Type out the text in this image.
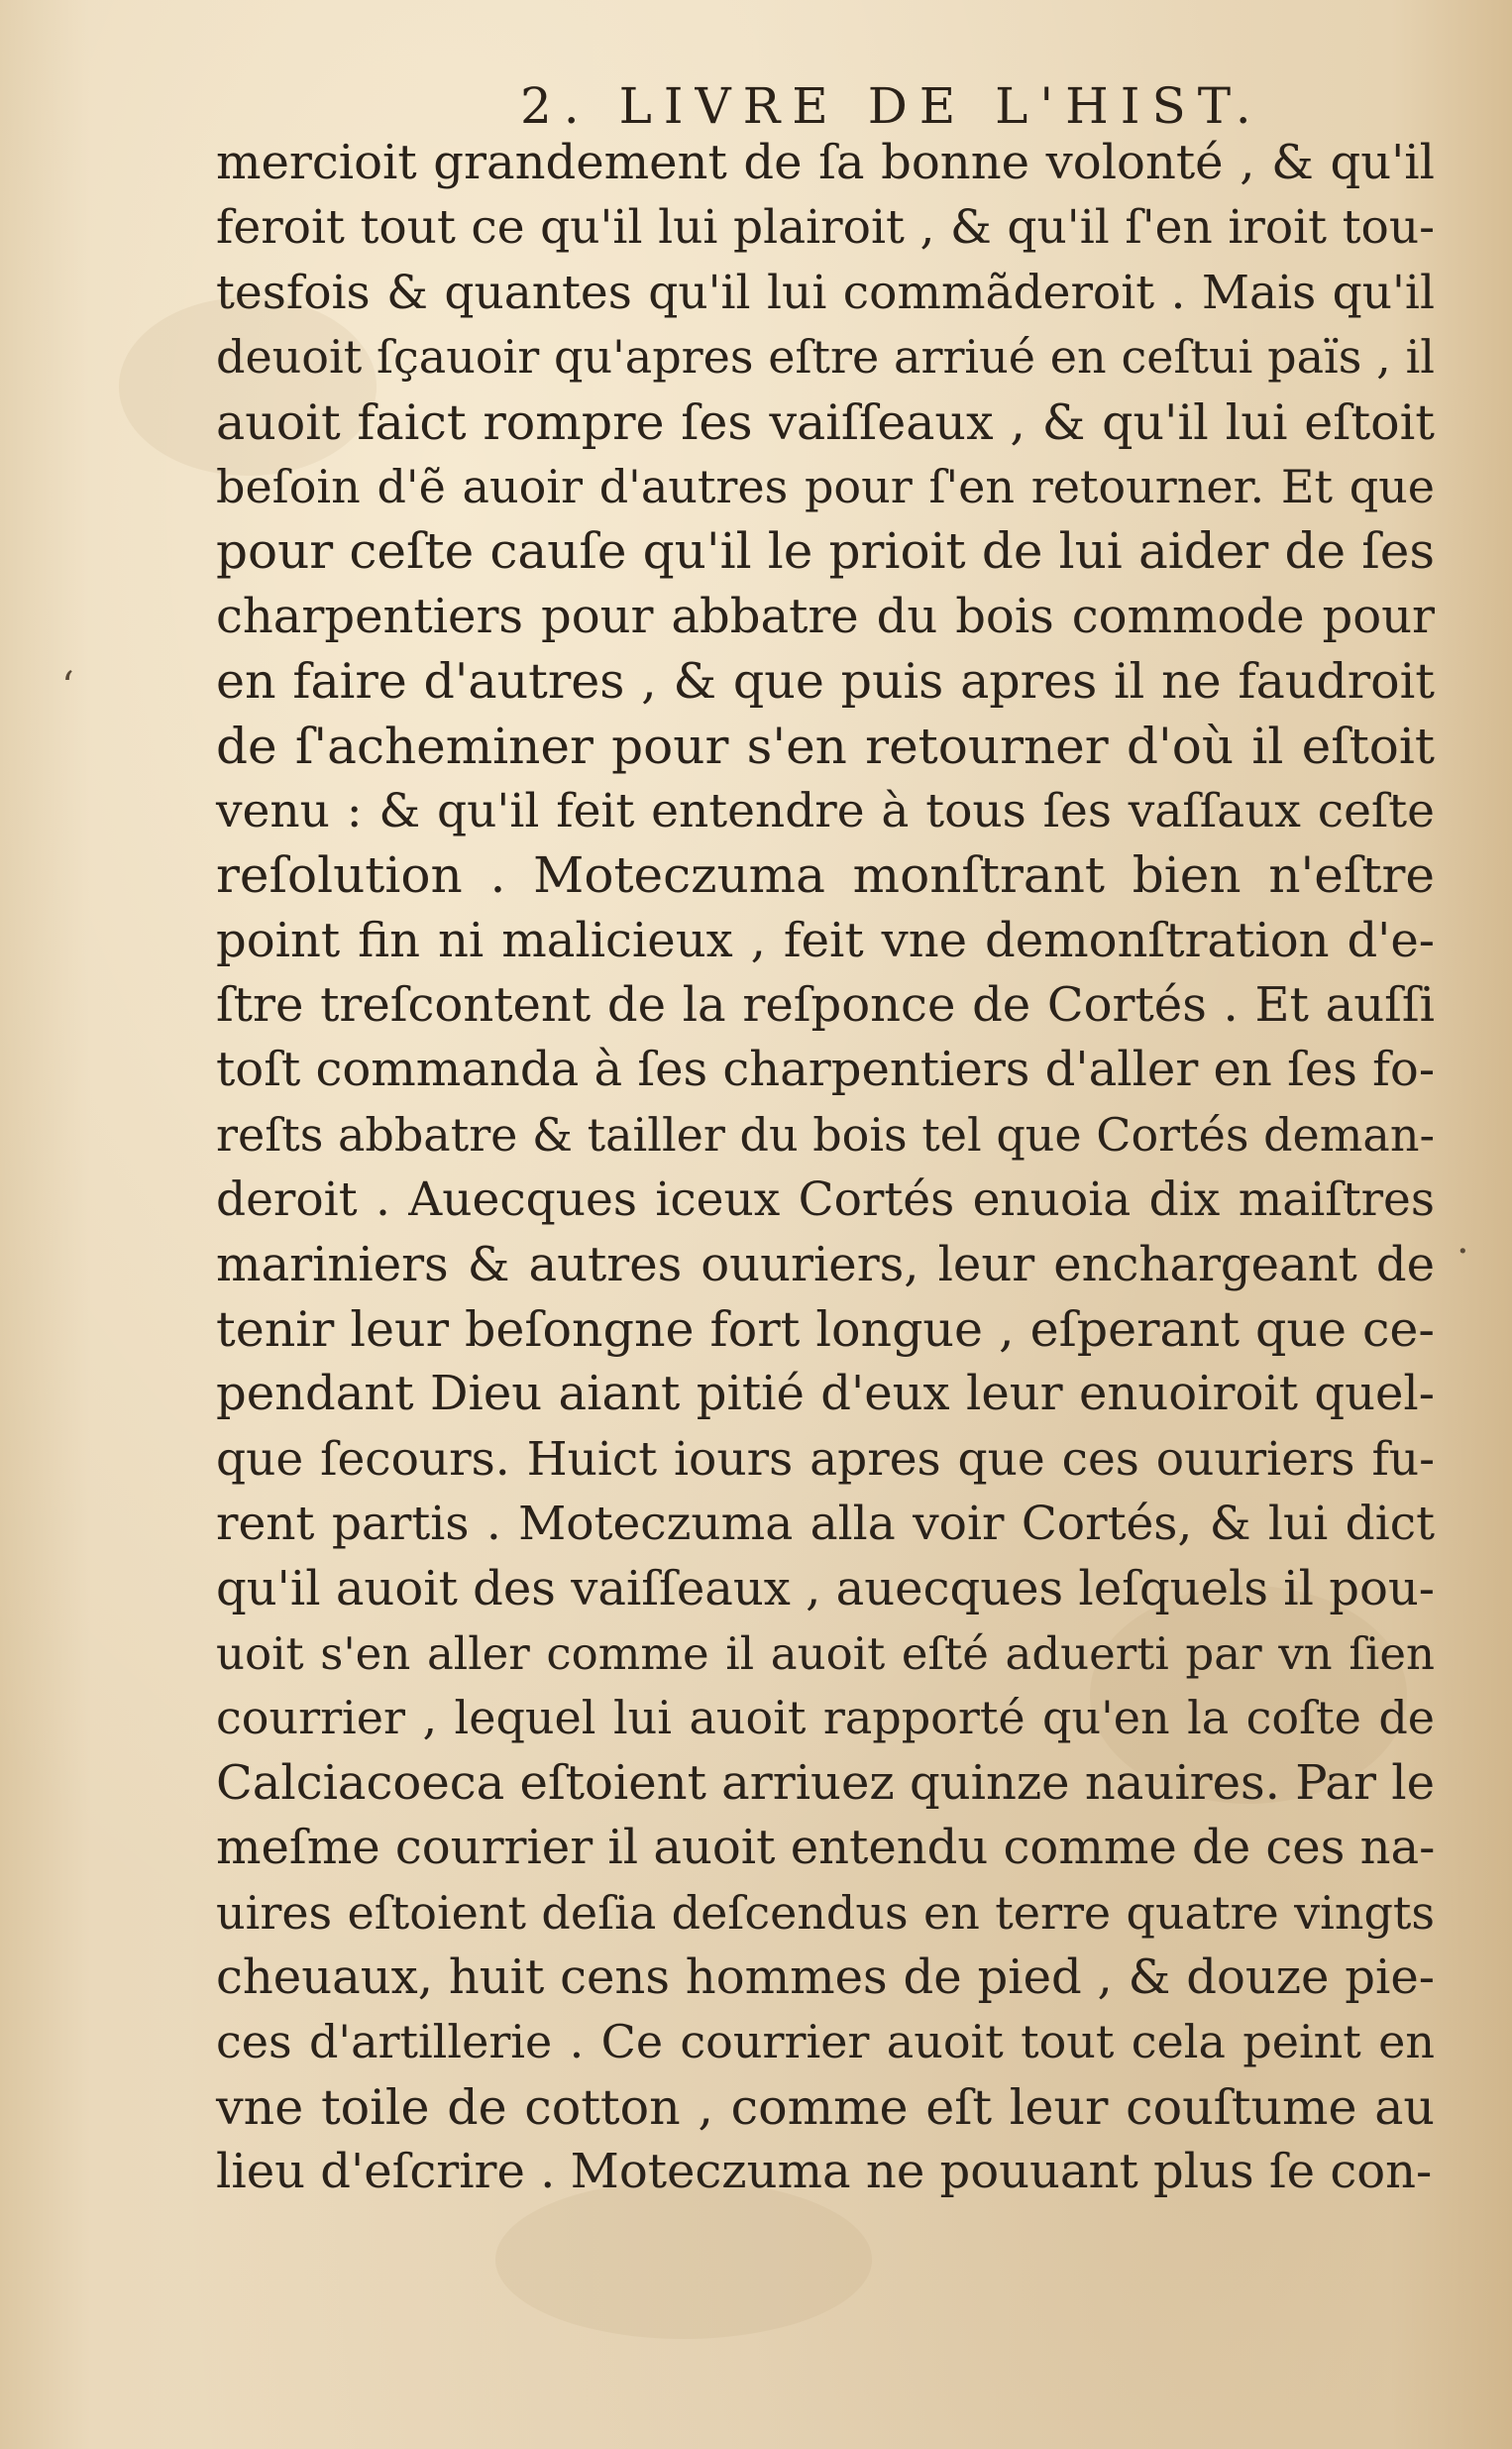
2. LIVRE DE L'HIST.
ʻ
·
mercioit grandement de ſa bonne volonté , & qu'il
feroit tout ce qu'il lui plairoit , & qu'il ſ'en iroit tou-
tesfois & quantes qu'il lui commãderoit . Mais qu'il
deuoit ſçauoir qu'apres eſtre arriué en ceſtui païs , il
auoit faict rompre ſes vaiſſeaux , & qu'il lui eſtoit
beſoin d'ẽ auoir d'autres pour ſ'en retourner. Et que
pour ceſte cauſe qu'il le prioit de lui aider de ſes
charpentiers pour abbatre du bois commode pour
en faire d'autres , & que puis apres il ne faudroit
de ſ'acheminer pour s'en retourner d'où il eſtoit
venu : & qu'il feit entendre à tous ſes vaſſaux ceſte
reſolution . Moteczuma monſtrant bien n'eſtre
point fin ni malicieux , feit vne demonſtration d'e-
ſtre treſcontent de la reſponce de Cortés . Et auſſi
toſt commanda à ſes charpentiers d'aller en ſes fo-
reſts abbatre & tailler du bois tel que Cortés deman-
deroit . Auecques iceux Cortés enuoia dix maiſtres
mariniers & autres ouuriers, leur enchargeant de
tenir leur beſongne fort longue , eſperant que ce-
pendant Dieu aiant pitié d'eux leur enuoiroit quel-
que ſecours. Huict iours apres que ces ouuriers fu-
rent partis . Moteczuma alla voir Cortés, & lui dict
qu'il auoit des vaiſſeaux , auecques leſquels il pou-
uoit s'en aller comme il auoit eſté aduerti par vn ſien
courrier , lequel lui auoit rapporté qu'en la coſte de
Calciacoeca eſtoient arriuez quinze nauires. Par le
meſme courrier il auoit entendu comme de ces na-
uires eſtoient deſia deſcendus en terre quatre vingts
cheuaux, huit cens hommes de pied , & douze pie-
ces d'artillerie . Ce courrier auoit tout cela peint en
vne toile de cotton , comme eſt leur couſtume au
lieu d'eſcrire . Moteczuma ne pouuant plus ſe con-
